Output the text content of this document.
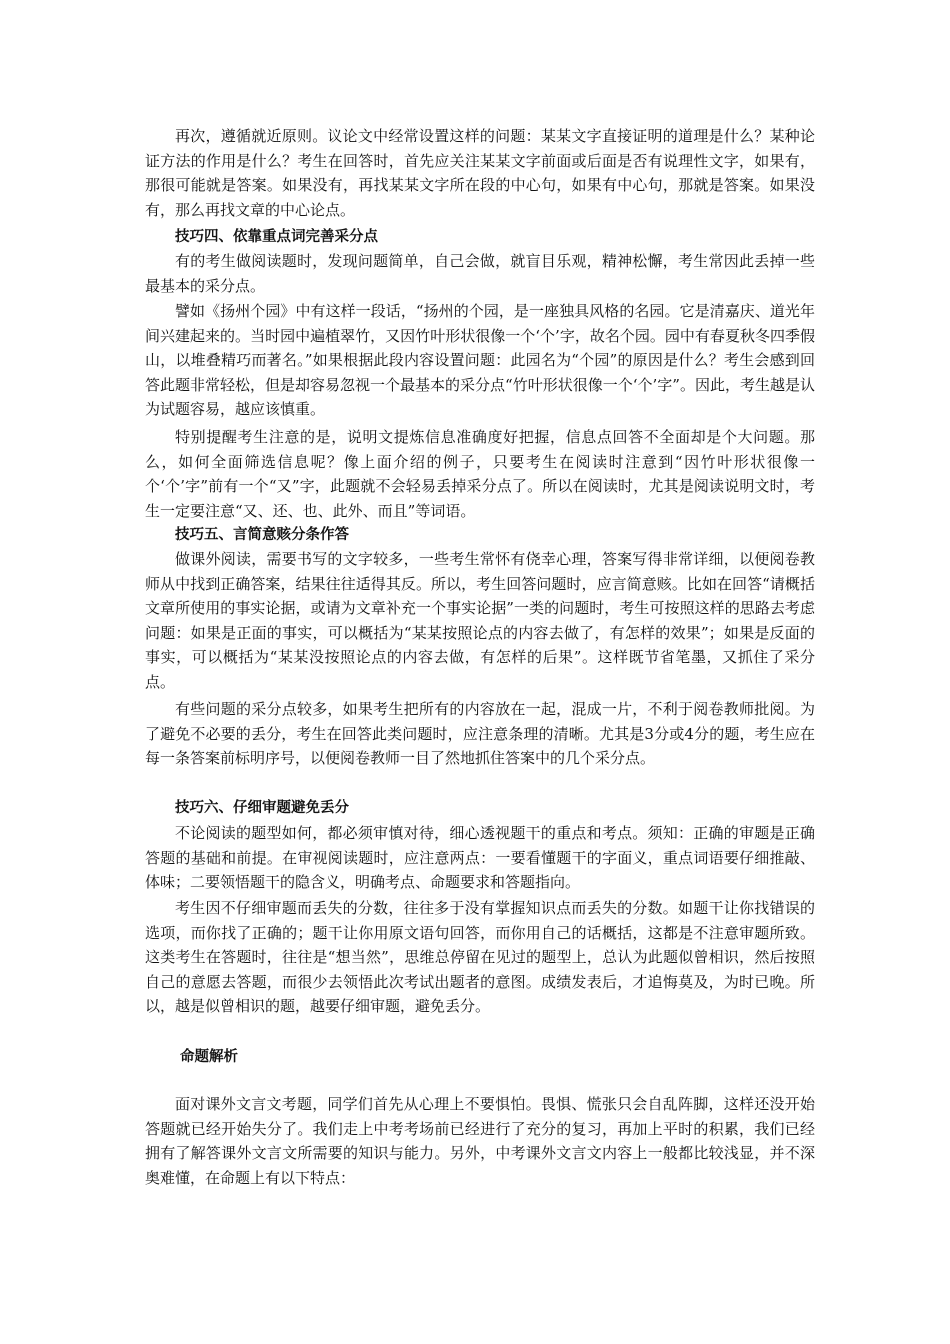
再次，遵循就近原则。议论文中经常设置这样的问题：某某文字直接证明的道理是什么？某种论证方法的作用是什么？考生在回答时，首先应关注某某文字前面或后面是否有说理性文字，如果有，那很可能就是答案。如果没有，再找某某文字所在段的中心句，如果有中心句，那就是答案。如果没有，那么再找文章的中心论点。

技巧四、依靠重点词完善采分点

有的考生做阅读题时，发现问题简单，自己会做，就盲目乐观，精神松懈，考生常因此丢掉一些最基本的采分点。

譬如《扬州个园》中有这样一段话，“扬州的个园，是一座独具风格的名园。它是清嘉庆、道光年间兴建起来的。当时园中遍植翠竹，又因竹叶形状很像一个‘个’字，故名个园。园中有春夏秋冬四季假山，以堆叠精巧而著名。”如果根据此段内容设置问题：此园名为“个园”的原因是什么？考生会感到回答此题非常轻松，但是却容易忽视一个最基本的采分点“竹叶形状很像一个‘个’字”。因此，考生越是认为试题容易，越应该慎重。

特别提醒考生注意的是，说明文提炼信息准确度好把握，信息点回答不全面却是个大问题。那么，如何全面筛选信息呢？像上面介绍的例子，只要考生在阅读时注意到“因竹叶形状很像一个‘个’字”前有一个“又”字，此题就不会轻易丢掉采分点了。所以在阅读时，尤其是阅读说明文时，考生一定要注意“又、还、也、此外、而且”等词语。

技巧五、言简意赅分条作答

做课外阅读，需要书写的文字较多，一些考生常怀有侥幸心理，答案写得非常详细，以便阅卷教师从中找到正确答案，结果往往适得其反。所以，考生回答问题时，应言简意赅。比如在回答“请概括文章所使用的事实论据，或请为文章补充一个事实论据”一类的问题时，考生可按照这样的思路去考虑问题：如果是正面的事实，可以概括为“某某按照论点的内容去做了，有怎样的效果”；如果是反面的事实，可以概括为“某某没按照论点的内容去做，有怎样的后果”。这样既节省笔墨，又抓住了采分点。

有些问题的采分点较多，如果考生把所有的内容放在一起，混成一片，不利于阅卷教师批阅。为了避免不必要的丢分，考生在回答此类问题时，应注意条理的清晰。尤其是3分或4分的题，考生应在每一条答案前标明序号，以便阅卷教师一目了然地抓住答案中的几个采分点。

技巧六、仔细审题避免丢分

不论阅读的题型如何，都必须审慎对待，细心透视题干的重点和考点。须知：正确的审题是正确答题的基础和前提。在审视阅读题时，应注意两点：一要看懂题干的字面义，重点词语要仔细推敲、体味；二要领悟题干的隐含义，明确考点、命题要求和答题指向。

考生因不仔细审题而丢失的分数，往往多于没有掌握知识点而丢失的分数。如题干让你找错误的选项，而你找了正确的；题干让你用原文语句回答，而你用自己的话概括，这都是不注意审题所致。这类考生在答题时，往往是“想当然”，思维总停留在见过的题型上，总认为此题似曾相识，然后按照自己的意愿去答题，而很少去领悟此次考试出题者的意图。成绩发表后，才追悔莫及，为时已晚。所以，越是似曾相识的题，越要仔细审题，避免丢分。

命题解析

面对课外文言文考题，同学们首先从心理上不要惧怕。畏惧、慌张只会自乱阵脚，这样还没开始答题就已经开始失分了。我们走上中考考场前已经进行了充分的复习，再加上平时的积累，我们已经拥有了解答课外文言文所需要的知识与能力。另外，中考课外文言文内容上一般都比较浅显，并不深奥难懂，在命题上有以下特点：
